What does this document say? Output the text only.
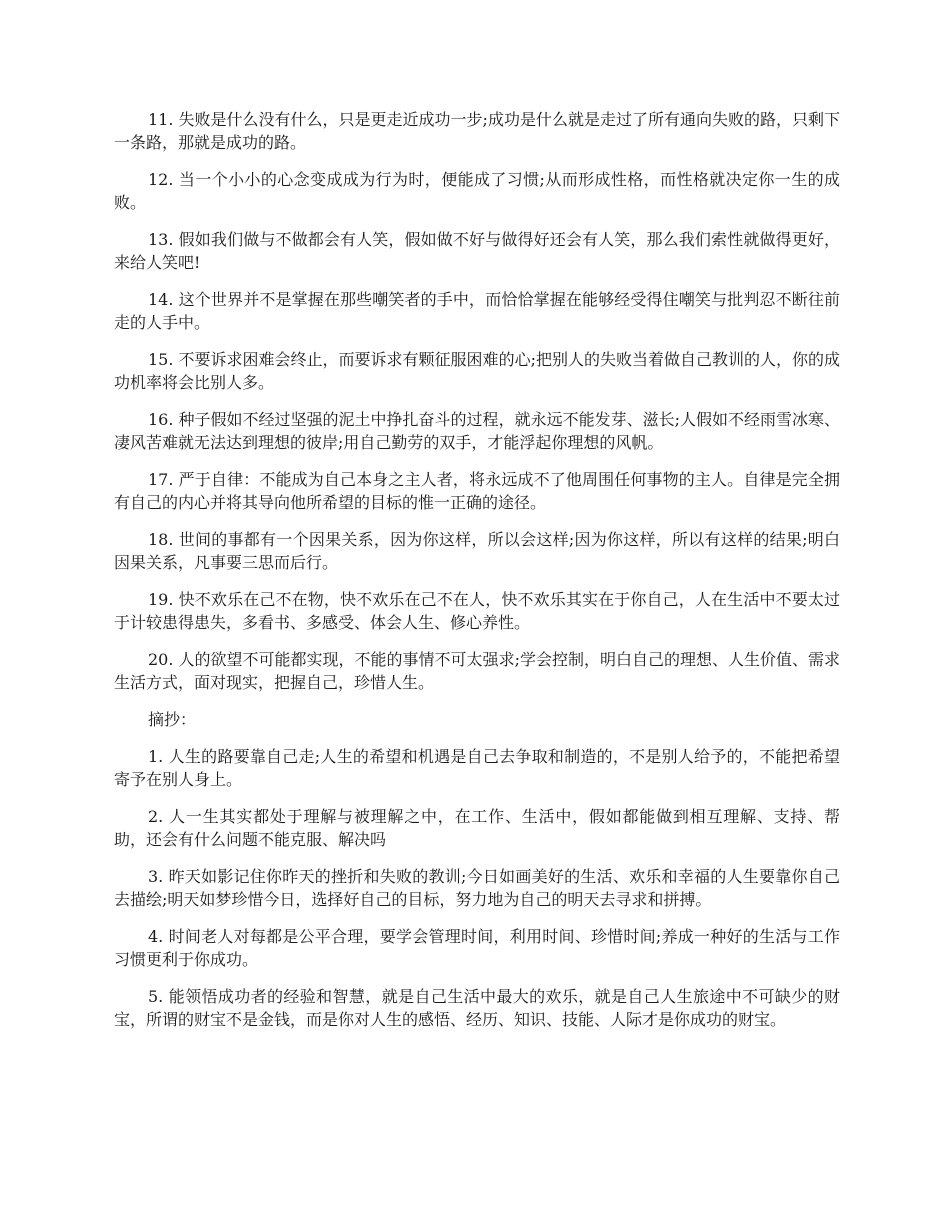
11. 失败是什么没有什么，只是更走近成功一步;成功是什么就是走过了所有通向失败的路，只剩下一条路，那就是成功的路。

12. 当一个小小的心念变成成为行为时，便能成了习惯;从而形成性格，而性格就决定你一生的成败。

13. 假如我们做与不做都会有人笑，假如做不好与做得好还会有人笑，那么我们索性就做得更好，来给人笑吧!

14. 这个世界并不是掌握在那些嘲笑者的手中，而恰恰掌握在能够经受得住嘲笑与批判忍不断往前走的人手中。

15. 不要诉求困难会终止，而要诉求有颗征服困难的心;把别人的失败当着做自己教训的人，你的成功机率将会比别人多。

16. 种子假如不经过坚强的泥土中挣扎奋斗的过程，就永远不能发芽、滋长;人假如不经雨雪冰寒、凄风苦难就无法达到理想的彼岸;用自己勤劳的双手，才能浮起你理想的风帆。

17. 严于自律：不能成为自己本身之主人者，将永远成不了他周围任何事物的主人。自律是完全拥有自己的内心并将其导向他所希望的目标的惟一正确的途径。

18. 世间的事都有一个因果关系，因为你这样，所以会这样;因为你这样，所以有这样的结果;明白因果关系，凡事要三思而后行。

19. 快不欢乐在己不在物，快不欢乐在己不在人，快不欢乐其实在于你自己，人在生活中不要太过于计较患得患失，多看书、多感受、体会人生、修心养性。

20. 人的欲望不可能都实现，不能的事情不可太强求;学会控制，明白自己的理想、人生价值、需求生活方式，面对现实，把握自己，珍惜人生。

摘抄：

1. 人生的路要靠自己走;人生的希望和机遇是自己去争取和制造的，不是别人给予的，不能把希望寄予在别人身上。

2. 人一生其实都处于理解与被理解之中，在工作、生活中，假如都能做到相互理解、支持、帮助，还会有什么问题不能克服、解决吗

3. 昨天如影记住你昨天的挫折和失败的教训;今日如画美好的生活、欢乐和幸福的人生要靠你自己去描绘;明天如梦珍惜今日，选择好自己的目标，努力地为自己的明天去寻求和拼搏。

4. 时间老人对每都是公平合理，要学会管理时间，利用时间、珍惜时间;养成一种好的生活与工作习惯更利于你成功。

5. 能领悟成功者的经验和智慧，就是自己生活中最大的欢乐，就是自己人生旅途中不可缺少的财宝，所谓的财宝不是金钱，而是你对人生的感悟、经历、知识、技能、人际才是你成功的财宝。
